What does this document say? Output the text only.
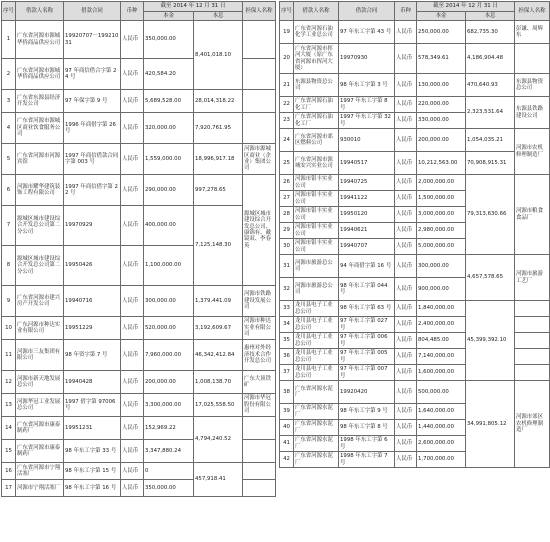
序号	借款人名称	借款合同	币种	截至 2014 年 12 月 31 日		担保人名称
				本金	本息	
1	广东省河源市源城华侨商品供应公司	19920707－19921031	人民币	350,000.00	8,401,018.10	
2	广东省河源市源城华侨商品供应公司	97 年商信借合字第 24 号	人民币	420,584.20		
3	广东省东源县经济开发公司	97 年保字第 9 号	人民币	5,689,528.00	28,014,318.22	
4	广东省河源市源城区商业饮食服务公司	1996 年商借字第 26 号	人民币	320,000.00	7,920,761.95	
5	广东省河源市河源宾馆	1997 年商信借款合同字第 003 号	人民币	1,559,000.00	18,996,917.18	河源市源城区商业（企业）集团公司
6	河源市耀华建筑装饰工程有限公司	1997 年商信借字第 22 号	人民币	290,000.00	997,278.65	源城区城市建设综合开发总公司、康锦有、戴镜双、李春英
7	源城区城市建设综合开发总公司第二分公司	19970929	人民币	400,000.00	7,125,148.30	
8	源城区城市建设综合开发总公司第二分公司	19950426	人民币	1,100,000.00		
9	广东省河源市建兴房产开发公司	19940716	人民币	300,000.00	1,379,441.09	河源市铁路建设发展公司
10	广东河源市种达实业有限公司	19951229	人民币	520,000.00	3,192,609.67	河源市种达实业有限公司
11	河源市三友集团有限公司	98 年资字第 7 号	人民币	7,960,000.00	46,342,412.84	惠州对外经济技术合作开发总公司
12	河源市新天地发展总公司	19940428	人民币	200,000.00	1,008,138.70	广东大顶铁矿
13	河源华冠工业发展总公司	1997 借字第 97006 号	人民币	3,300,000.00	17,025,558.50	河源市华冠股份有限公司
14	广东省河源市康泰制药厂	19951231	人民币	152,969.22	4,794,240.52	
15	广东省河源市康泰制药厂	98 年东工字第 33 号	人民币	3,347,880.24		
16	广东省河源市宁翔活塞厂	98 年东工字第 15 号	人民币	0	457,918.41	
17	河源市宁翔活塞厂	98 年东工字第 16 号	人民币	350,000.00		
序号	借款人名称	借款合同	币种	截至 2014 年 12 月 31 日		担保人名称
				本金	本息	
19	广东省河源石油化学工业总公司	97 年东工字第 43 号	人民币	250,000.00	682,735.30	彭谦、周辉东
20	广东省河源市挥河大厦（原广东省河源市挥河大厦）	19970930	人民币	578,349.61	4,186,904.48	
21	东源县物资总公司	98 年东工字第 3 号	人民币	130,000.00	470,640.93	东源县物资总公司
22	广东省河源石油化工厂	1997 年东工字第 8 号	人民币	220,000.00	2,323,531.64	东源县铁路建设公司
23	广东省河源石油化工厂	1997 年东工字第 32 号	人民币	330,000.00		
24	广东省河源市郊区燃料公司	930010	人民币	200,000.00	1,054,035.21	河源市农机修理制造厂
25	广东省河源市源城安兴实业公司	19940517	人民币	10,212,563.00	70,908,915.31	
26	河源市银丰实业公司	19940725	人民币	2,000,000.00	79,313,630.66	河源市粮食食品厂
27	河源市银丰实业公司	19941122	人民币	1,500,000.00		
28	河源市银丰实业公司	19950120	人民币	3,000,000.00		
29	河源市银丰实业公司	19940621	人民币	2,980,000.00		
30	河源市银丰实业公司	19940707	人民币	5,000,000.00		
31	河源市旅游总公司	94 年商借字第 16 号	人民币	300,000.00	4,657,578.65	河源市旅游工艺厂
32	河源市旅游总公司	98 年东工字第 044 号	人民币	900,000.00		
33	龙川县电子工业总公司	98 年东工字第 63 号	人民币	1,840,000.00	45,399,392.10	
34	龙川县电子工业总公司	97 年东工字第 027 号	人民币	2,400,000.00		
35	龙川县电子工业总公司	97 年东工字第 006 号	人民币	804,485.00		
36	龙川县电子工业总公司	97 年东工字第 005 号	人民币	7,140,000.00		
37	龙川县电子工业总公司	97 年东工字第 007 号	人民币	1,600,000.00		
38	广东省河源水泥厂	19920420	人民币	500,000.00	34,991,805.12	河源市郊区农机修理制造厂
39	广东省河源水泥厂	98 年东工字第 9 号	人民币	1,640,000.00		
40	广东省河源水泥厂	98 年东工字第 8 号	人民币	1,440,000.00		
41	广东省河源水泥厂	1998 年东工字第 6 号	人民币	2,600,000.00		
42	广东省河源水泥厂	1998 年东工字第 7 号	人民币	1,700,000.00		
